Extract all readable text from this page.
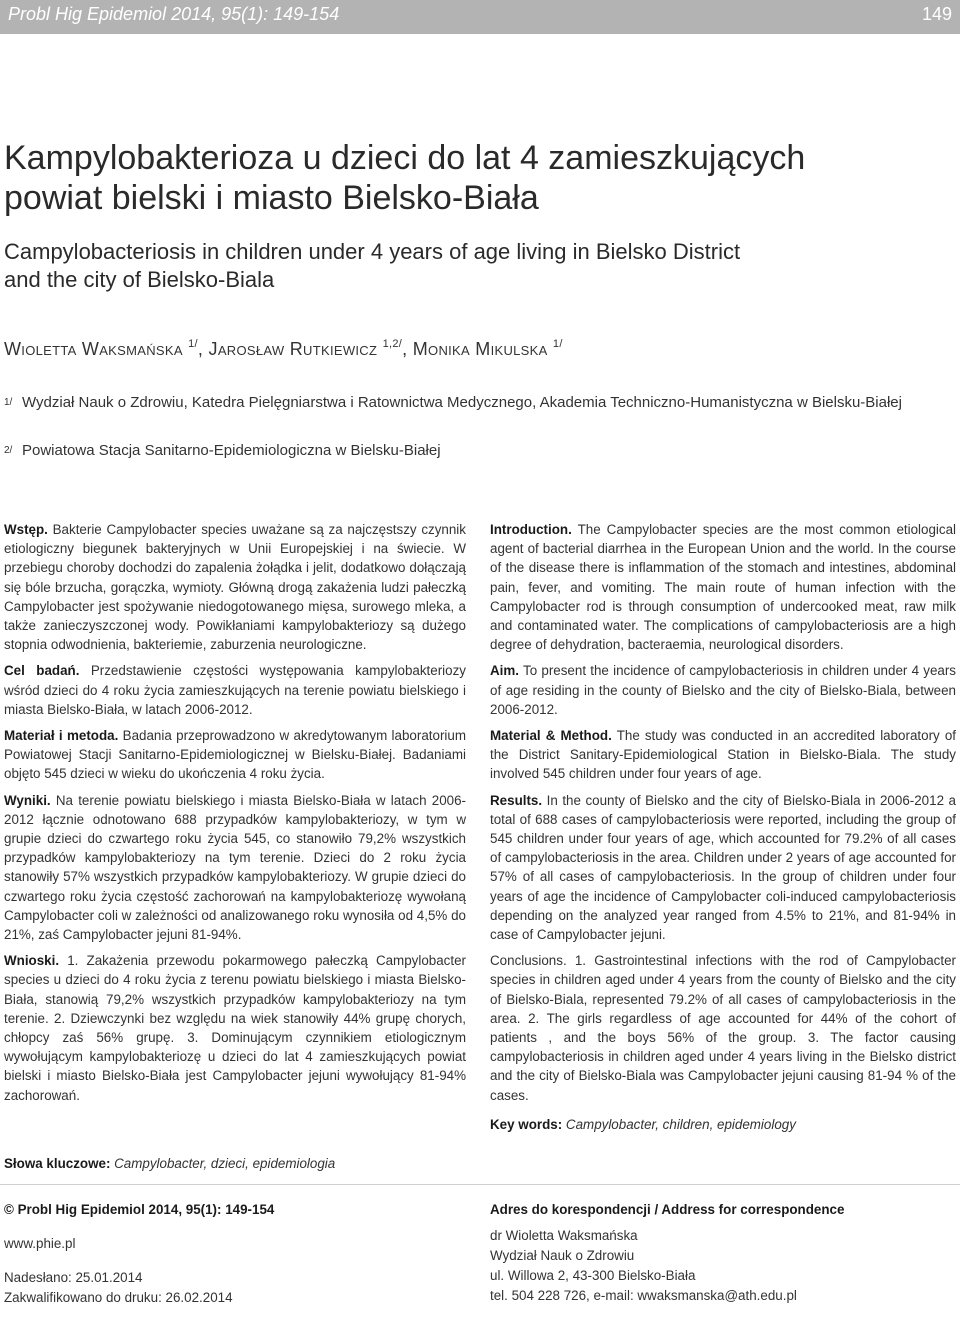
Probl Hig Epidemiol 2014, 95(1): 149-154	149
Kampylobakterioza u dzieci do lat 4 zamieszkujących
powiat bielski i miasto Bielsko-Biała
Campylobacteriosis in children under 4 years of age living in Bielsko District
and the city of Bielsko-Biala
Wioletta Waksmańska $^{1/}$, Jarosław Rutkiewicz $^{1,2/}$, Monika Mikulska $^{1/}$
1/ Wydział Nauk o Zdrowiu, Katedra Pielęgniarstwa i Ratownictwa Medycznego, Akademia Techniczno-Humanistyczna w Bielsku-Białej
2/ Powiatowa Stacja Sanitarno-Epidemiologiczna w Bielsku-Białej

Wstęp. Bakterie Campylobacter species uważane są za najczęstszy czynnik etiologiczny biegunek bakteryjnych w Unii Europejskiej i na świecie. W przebiegu choroby dochodzi do zapalenia żołądka i jelit, dodatkowo dołączają się bóle brzucha, gorączka, wymioty. Główną drogą zakażenia ludzi pałeczką Campylobacter jest spożywanie niedogotowanego mięsa, surowego mleka, a także zanieczyszczonej wody. Powikłaniami kampylobakteriozy są dużego stopnia odwodnienia, bakteriemie, zaburzenia neurologiczne.

Cel badań. Przedstawienie częstości występowania kampylobakteriozy wśród dzieci do 4 roku życia zamieszkujących na terenie powiatu bielskiego i miasta Bielsko-Biała, w latach 2006-2012.

Materiał i metoda. Badania przeprowadzono w akredytowanym laboratorium Powiatowej Stacji Sanitarno-Epidemiologicznej w Bielsku-Białej. Badaniami objęto 545 dzieci w wieku do ukończenia 4 roku życia.

Wyniki. Na terenie powiatu bielskiego i miasta Bielsko-Biała w latach 2006-2012 łącznie odnotowano 688 przypadków kampylobakteriozy, w tym w grupie dzieci do czwartego roku życia 545, co stanowiło 79,2% wszystkich przypadków kampylobakteriozy na tym terenie. Dzieci do 2 roku życia stanowiły 57% wszystkich przypadków kampylobakteriozy. W grupie dzieci do czwartego roku życia częstość zachorowań na kampylobakteriozę wywołaną Campylobacter coli w zależności od analizowanego roku wynosiła od 4,5% do 21%, zaś Campylobacter jejuni 81-94%.

Wnioski. 1. Zakażenia przewodu pokarmowego pałeczką Campylobacter species u dzieci do 4 roku życia z terenu powiatu bielskiego i miasta Bielsko-Biała, stanowią 79,2% wszystkich przypadków kampylobakteriozy na tym terenie. 2. Dziewczynki bez względu na wiek stanowiły 44% grupę chorych, chłopcy zaś 56% grupę. 3. Dominującym czynnikiem etiologicznym wywołującym kampylobakteriozę u dzieci do lat 4 zamieszkujących powiat bielski i miasto Bielsko-Biała jest Campylobacter jejuni wywołujący 81-94% zachorowań.

Introduction. The Campylobacter species are the most common etiological agent of bacterial diarrhea in the European Union and the world. In the course of the disease there is inflammation of the stomach and intestines, abdominal pain, fever, and vomiting. The main route of human infection with the Campylobacter rod is through consumption of undercooked meat, raw milk and contaminated water. The complications of campylobacteriosis are a high degree of dehydration, bacteraemia, neurological disorders.

Aim. To present the incidence of campylobacteriosis in children under 4 years of age residing in the county of Bielsko and the city of Bielsko-Biala, between 2006-2012.

Material & Method. The study was conducted in an accredited laboratory of the District Sanitary-Epidemiological Station in Bielsko-Biala. The study involved 545 children under four years of age.

Results. In the county of Bielsko and the city of Bielsko-Biala in 2006-2012 a total of 688 cases of campylobacteriosis were reported, including the group of 545 children under four years of age, which accounted for 79.2% of all cases of campylobacteriosis in the area. Children under 2 years of age accounted for 57% of all cases of campylobacteriosis. In the group of children under four years of age the incidence of Campylobacter coli-induced campylobacteriosis depending on the analyzed year ranged from 4.5% to 21%, and 81-94% in case of Campylobacter jejuni.

Conclusions. 1. Gastrointestinal infections with the rod of Campylobacter species in children aged under 4 years from the county of Bielsko and the city of Bielsko-Biala, represented 79.2% of all cases of campylobacteriosis in the area. 2. The girls regardless of age accounted for 44% of the cohort of patients , and the boys 56% of the group. 3. The factor causing campylobacteriosis in children aged under 4 years living in the Bielsko district and the city of Bielsko-Biala was Campylobacter jejuni causing 81-94 % of the cases.

Key words: Campylobacter, children, epidemiology

Słowa kluczowe: Campylobacter, dzieci, epidemiologia
© Probl Hig Epidemiol 2014, 95(1): 149-154
www.phie.pl
Nadesłano: 25.01.2014
Zakwalifikowano do druku: 26.02.2014
Adres do korespondencji / Address for correspondence
dr Wioletta Waksmańska
Wydział Nauk o Zdrowiu
ul. Willowa 2, 43-300 Bielsko-Biała
tel. 504 228 726, e-mail: wwaksmanska@ath.edu.pl
